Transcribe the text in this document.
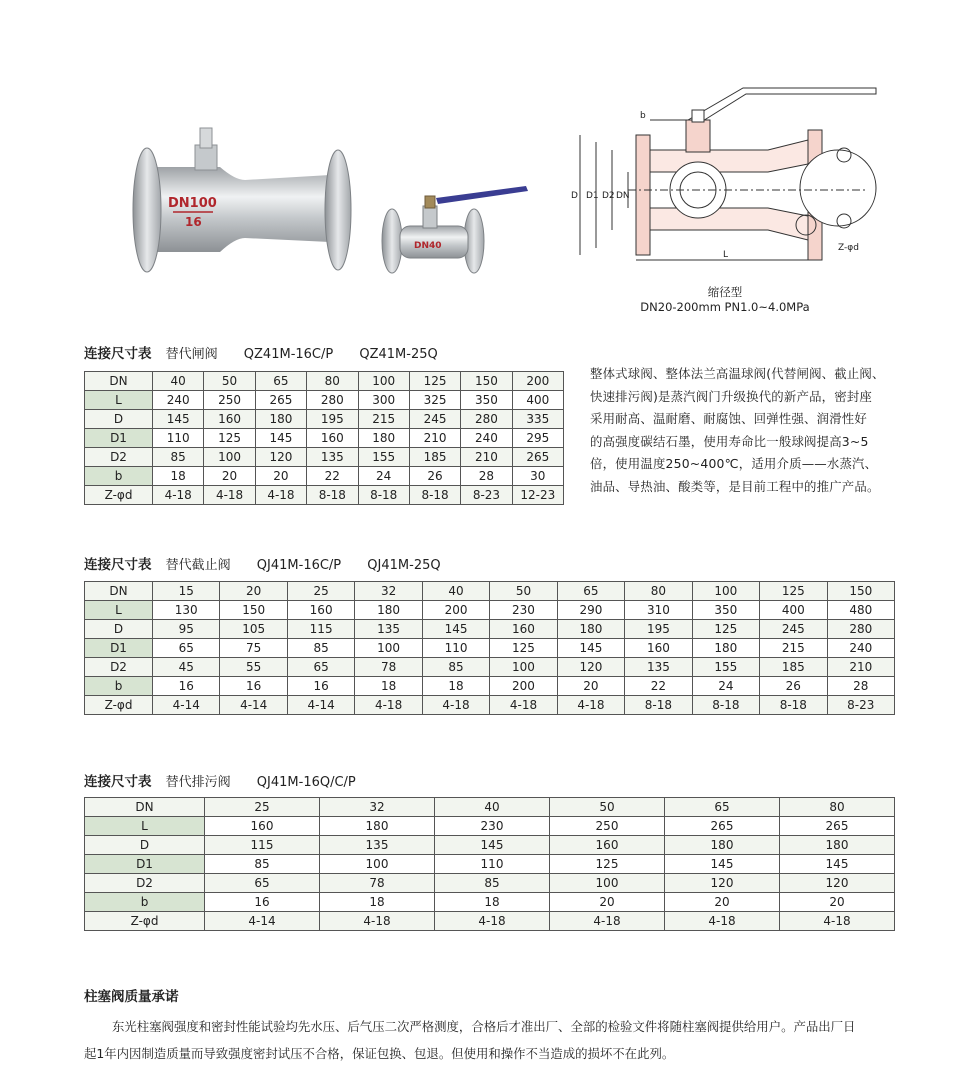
DN100
16
DN40
b
D D1 D2 DN
L
Z-φd
缩径型
DN20-200mm PN1.0~4.0MPa
连接尺寸表 替代闸阀 QZ41M-16C/P QZ41M-25Q
DN	40	50	65	80	100	125	150	200
L	240	250	265	280	300	325	350	400
D	145	160	180	195	215	245	280	335
D1	110	125	145	160	180	210	240	295
D2	85	100	120	135	155	185	210	265
b	18	20	20	22	24	26	28	30
Z-φd	4-18	4-18	4-18	8-18	8-18	8-18	8-23	12-23
整体式球阀、整体法兰高温球阀(代替闸阀、截止阀、
快速排污阀)是蒸汽阀门升级换代的新产品，密封座
采用耐高、温耐磨、耐腐蚀、回弹性强、润滑性好
的高强度碳结石墨，使用寿命比一般球阀提高3~5
倍，使用温度250~400℃，适用介质——水蒸汽、
油品、导热油、酸类等，是目前工程中的推广产品。
连接尺寸表 替代截止阀 QJ41M-16C/P QJ41M-25Q
DN	15	20	25	32	40	50	65	80	100	125	150
L	130	150	160	180	200	230	290	310	350	400	480
D	95	105	115	135	145	160	180	195	125	245	280
D1	65	75	85	100	110	125	145	160	180	215	240
D2	45	55	65	78	85	100	120	135	155	185	210
b	16	16	16	18	18	200	20	22	24	26	28
Z-φd	4-14	4-14	4-14	4-18	4-18	4-18	4-18	8-18	8-18	8-18	8-23
连接尺寸表 替代排污阀 QJ41M-16Q/C/P
DN	25	32	40	50	65	80
L	160	180	230	250	265	265
D	115	135	145	160	180	180
D1	85	100	110	125	145	145
D2	65	78	85	100	120	120
b	16	18	18	20	20	20
Z-φd	4-14	4-18	4-18	4-18	4-18	4-18
柱塞阀质量承诺
东光柱塞阀强度和密封性能试验均先水压、后气压二次严格测度，合格后才准出厂、全部的检验文件将随柱塞阀提供给用户。产品出厂日
起1年内因制造质量而导致强度密封试压不合格，保证包换、包退。但使用和操作不当造成的损坏不在此列。
